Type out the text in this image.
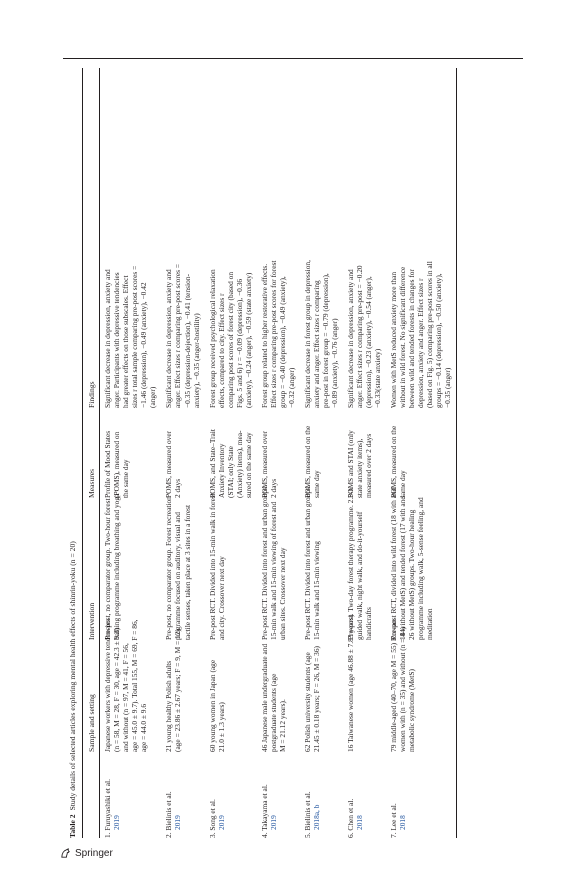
Table 2Study details of selected articles exploring mental health effects of shinrin-yoku (n = 20)	Sample and setting
Intervention
Measures
Findings
1. Furuyashiki et al. 2019
Japanese workers with depressive tendencies (n = 58, M = 28, F = 30, age = 42.3 ± 9.3) and without (n = 97, M = 41, F = 56, age = 45.0 ± 9.7). Total 155, M = 69, F = 86, age = 44.0 ± 9.6
Pre-post, no comparator group. Two-hour forest bathing programme including breathing and yoga
Profile of Mood States (POMS), measured on the same day
Significant decrease in depression, anxiety and anger. Participants with depressive tendencies had greater effects on those subscales. Effect sizes r total sample comparing pre-post scores = −1.46 (depression), −0.49 (anxiety), −0.42 (anger)
2. Bielinis et al. 2019
21 young healthy Polish adults (age = 23.86 ± 2.67 years; F = 9, M = 12)
Pre-post, no comparator group. Forest recreation programme focused on auditory, visual and tactile senses, taken place at 3 sites in a forest
POMS, measured over 2 days
Significant decrease in depression, anxiety and anger. Effect sizes r comparing pre-post scores = −0.35 (depression-dejection), −0.41 (tension- anxiety), −0.35 (anger-hostility)
3. Song et al. 2019
60 young women in Japan (age 21.0 ± 1.3 years)
Pre-post RCT. Divided into 15-min walk in forest and city. Crossover next day
POMS, and State–Trait Anxiety Inventory (STAI; only State (Anxiety) items), mea- sured on the same day
Forest group received psychological relaxation effects, compared to city. Effect sizes r comparing post scores of forest city (based on Figs. 5 and 6) r = −0.09 (depression), −0.36 (anxiety), −0.24 (anger), −0.59 (state anxiety)
4. Takayama et al. 2019
46 Japanese male undergraduate and postgraduate students (age M = 21.12 years).
Pre-post RCT. Divided into forest and urban groups: 15-min walk and 15-min viewing of forest and urban sites. Crossover next day
POMS, measured over 2 days
Forest group related to higher restorative effects. Effect sizes r comparing pre-post scores for forest group = −0.40 (depression), −0.49 (anxiety), −0.32 (anger)
5. Bielinis et al. 2018a, b
62 Polish university students (age 21.45 ± 0.18 years; F = 26, M = 36)
Pre-post RCT. Divided into forest and urban groups. 15-min walk and 15-min viewing
POMS, measured on the same day
Significant decrease in forest group in depression, anxiety and anger. Effect sizes r comparing pre-post in forest group = −0.79 (depression), −0.89 (anxiety), −0.76 (anger)
6. Chen et al. 2018
16 Taiwanese women (age 46.88 ± 7.83 years)
Pre-post. Two-day forest therapy programme. 2.5-h guided walk, night walk, and do-it-yourself handicrafts
POMS and STAI (only state anxiety items), measured over 2 days
Significant decrease in depression, anxiety and anger. Effect sizes r comparing pre-post = −0.20 (depression), −0.23 (anxiety), −0.54 (anger), −0.33(state anxiety)
7. Lee et al. 2018
79 middle-aged (40–70, age M = 55) Korean women with (n = 35) and without (n = 44) metabolic syndrome (MetS)
Pre-post RCT, divided into wild forest (18 with and 18 without MetS) and tended forest (17 with and 26 without MetS) groups. Two-hour healing programme including walk, 5-sense feeling, and meditation
POMS, measured on the same day
Women with MetS reduced anxiety more than without in wild forest. No significant difference between wild and tended forests in changes for depression, anxiety and anger. Effect sizes r (based on Fig. 5) comparing pre-post scores in all groups = −0.14 (depression), −0.50 (anxiety), −0.35 (anger)
Springer
